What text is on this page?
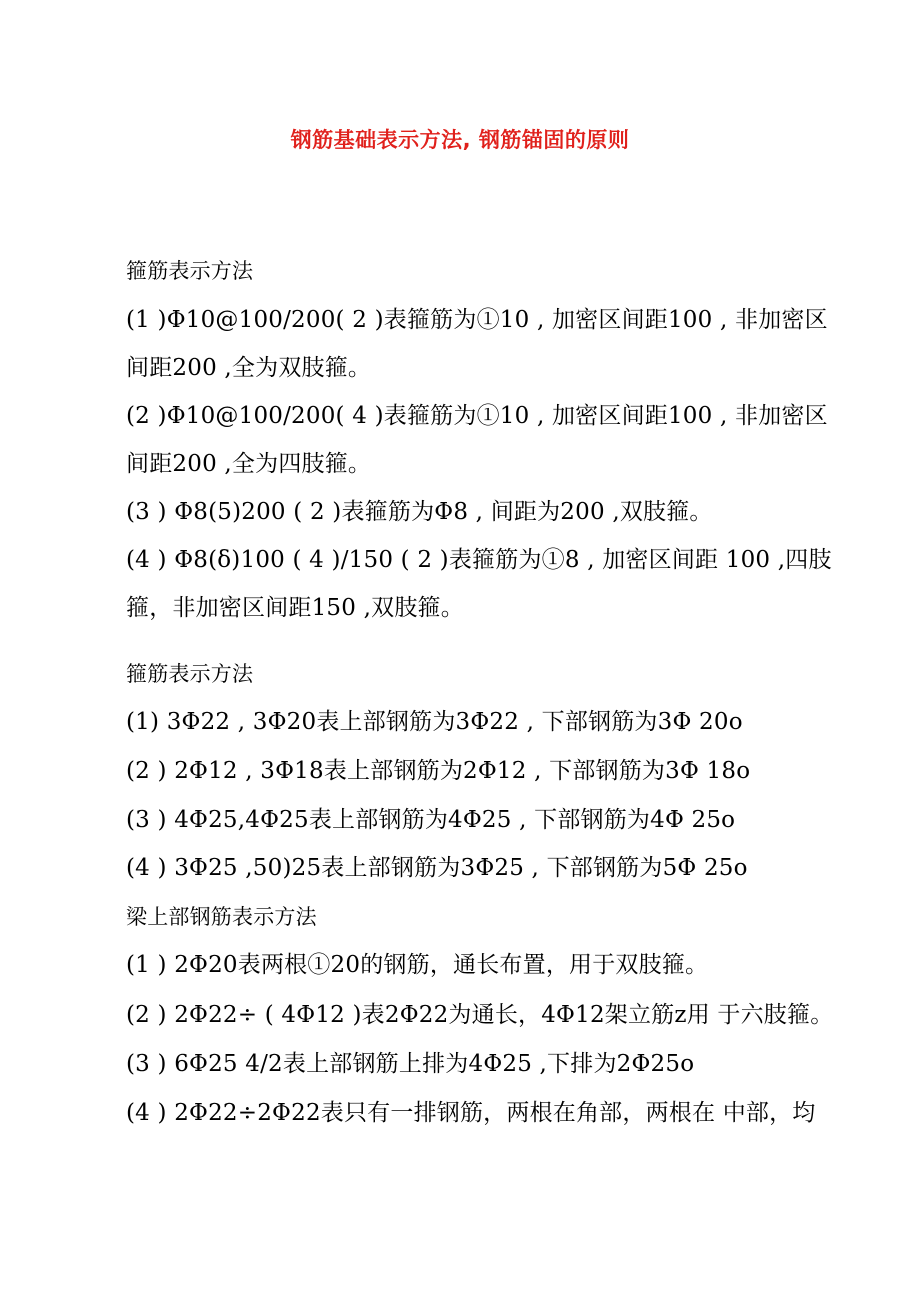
钢筋基础表示方法, 钢筋锚固的原则
箍筋表示方法
(1 )Φ10@100/200( 2 )表箍筋为①10 , 加密区间距100 , 非加密区
间距200 ,全为双肢箍。
(2 )Φ10@100/200( 4 )表箍筋为①10 , 加密区间距100 , 非加密区
间距200 ,全为四肢箍。
(3 ) Φ8(5)200 ( 2 )表箍筋为Φ8 , 间距为200 ,双肢箍。
(4 ) Φ8(δ)100 ( 4 )/150 ( 2 )表箍筋为①8 , 加密区间距 100 ,四肢
箍，非加密区间距150 ,双肢箍。
箍筋表示方法
(1) 3Φ22 , 3Φ20表上部钢筋为3Φ22 , 下部钢筋为3Φ 20o
(2 ) 2Φ12 , 3Φ18表上部钢筋为2Φ12 , 下部钢筋为3Φ 18o
(3 ) 4Φ25,4Φ25表上部钢筋为4Φ25 , 下部钢筋为4Φ 25o
(4 ) 3Φ25 ,50)25表上部钢筋为3Φ25 , 下部钢筋为5Φ 25o
梁上部钢筋表示方法
(1 ) 2Φ20表两根①20的钢筋，通长布置，用于双肢箍。
(2 ) 2Φ22÷ ( 4Φ12 )表2Φ22为通长，4Φ12架立筋z用 于六肢箍。
(3 ) 6Φ25 4/2表上部钢筋上排为4Φ25 ,下排为2Φ25o
(4 ) 2Φ22÷2Φ22表只有一排钢筋，两根在角部，两根在 中部，均
